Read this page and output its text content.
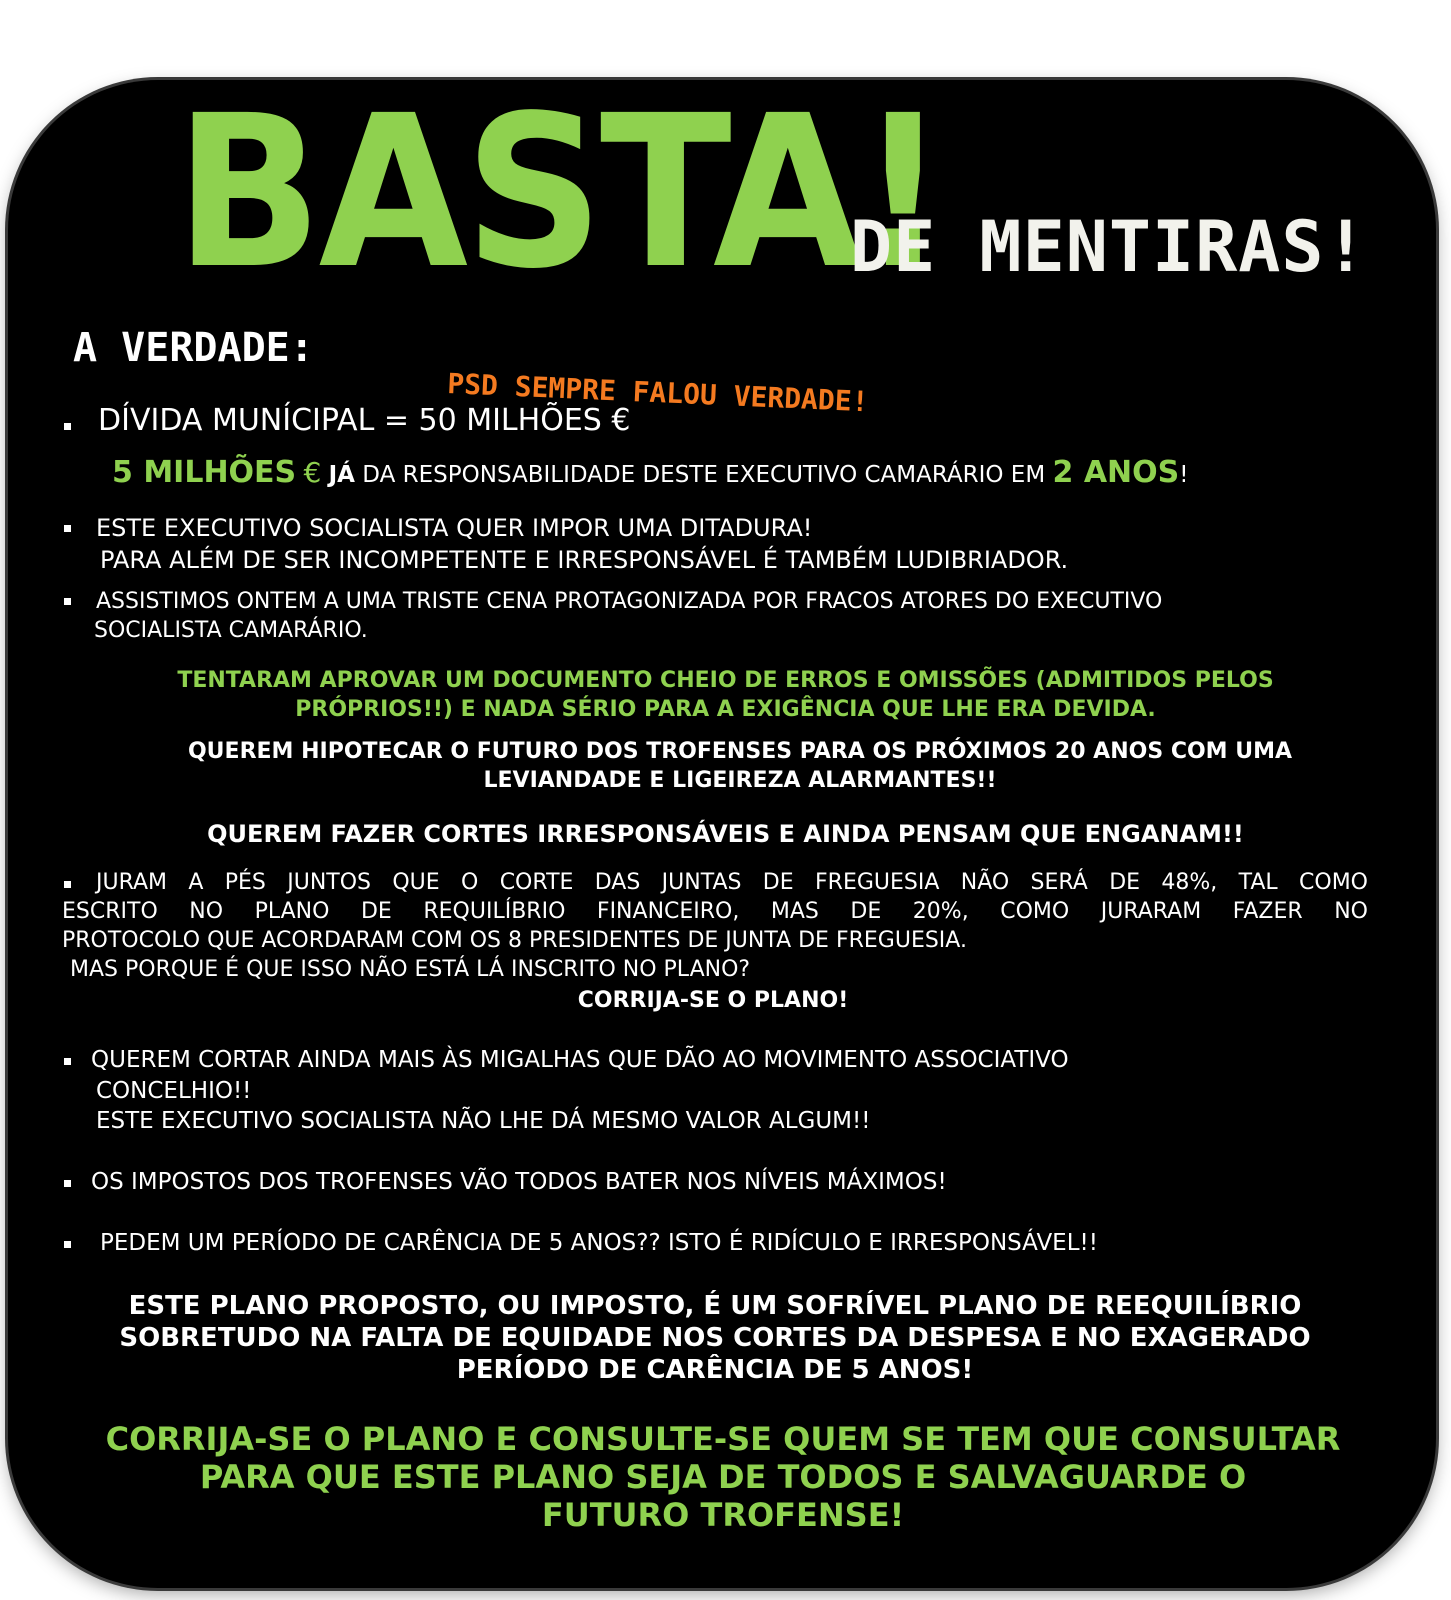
BASTA!

DE MENTIRAS!

A VERDADE:

PSD SEMPRE FALOU VERDADE!

DÍVIDA MUNÍCIPAL = 50 MILHÕES €

5 MILHÕES € JÁ DA RESPONSABILIDADE DESTE EXECUTIVO CAMARÁRIO EM 2 ANOS!

ESTE EXECUTIVO SOCIALISTA QUER IMPOR UMA DITADURA!

PARA ALÉM DE SER INCOMPETENTE E IRRESPONSÁVEL É TAMBÉM LUDIBRIADOR.

ASSISTIMOS ONTEM A UMA TRISTE CENA PROTAGONIZADA POR FRACOS ATORES DO EXECUTIVO

SOCIALISTA CAMARÁRIO.

TENTARAM APROVAR UM DOCUMENTO CHEIO DE ERROS E OMISSÕES (ADMITIDOS PELOS

PRÓPRIOS!!) E NADA SÉRIO PARA A EXIGÊNCIA QUE LHE ERA DEVIDA.

QUEREM HIPOTECAR O FUTURO DOS TROFENSES PARA OS PRÓXIMOS 20 ANOS COM UMA

LEVIANDADE E LIGEIREZA ALARMANTES!!

QUEREM FAZER CORTES IRRESPONSÁVEIS E AINDA PENSAM QUE ENGANAM!!

JURAM A PÉS JUNTOS QUE O CORTE DAS JUNTAS DE FREGUESIA NÃO SERÁ DE 48%, TAL COMO
ESCRITO NO PLANO DE REQUILÍBRIO FINANCEIRO, MAS DE 20%, COMO JURARAM FAZER NO
PROTOCOLO QUE ACORDARAM COM OS 8 PRESIDENTES DE JUNTA DE FREGUESIA.
MAS PORQUE É QUE ISSO NÃO ESTÁ LÁ INSCRITO NO PLANO?

CORRIJA-SE O PLANO!

QUEREM CORTAR AINDA MAIS ÀS MIGALHAS QUE DÃO AO MOVIMENTO ASSOCIATIVO

CONCELHIO!!

ESTE EXECUTIVO SOCIALISTA NÃO LHE DÁ MESMO VALOR ALGUM!!

OS IMPOSTOS DOS TROFENSES VÃO TODOS BATER NOS NÍVEIS MÁXIMOS!

PEDEM UM PERÍODO DE CARÊNCIA DE 5 ANOS?? ISTO É RIDÍCULO E IRRESPONSÁVEL!!

ESTE PLANO PROPOSTO, OU IMPOSTO, É UM SOFRÍVEL PLANO DE REEQUILÍBRIO

SOBRETUDO NA FALTA DE EQUIDADE NOS CORTES DA DESPESA E NO EXAGERADO

PERÍODO DE CARÊNCIA DE 5 ANOS!

CORRIJA-SE O PLANO E CONSULTE-SE QUEM SE TEM QUE CONSULTAR

PARA QUE ESTE PLANO SEJA DE TODOS E SALVAGUARDE O

FUTURO TROFENSE!
